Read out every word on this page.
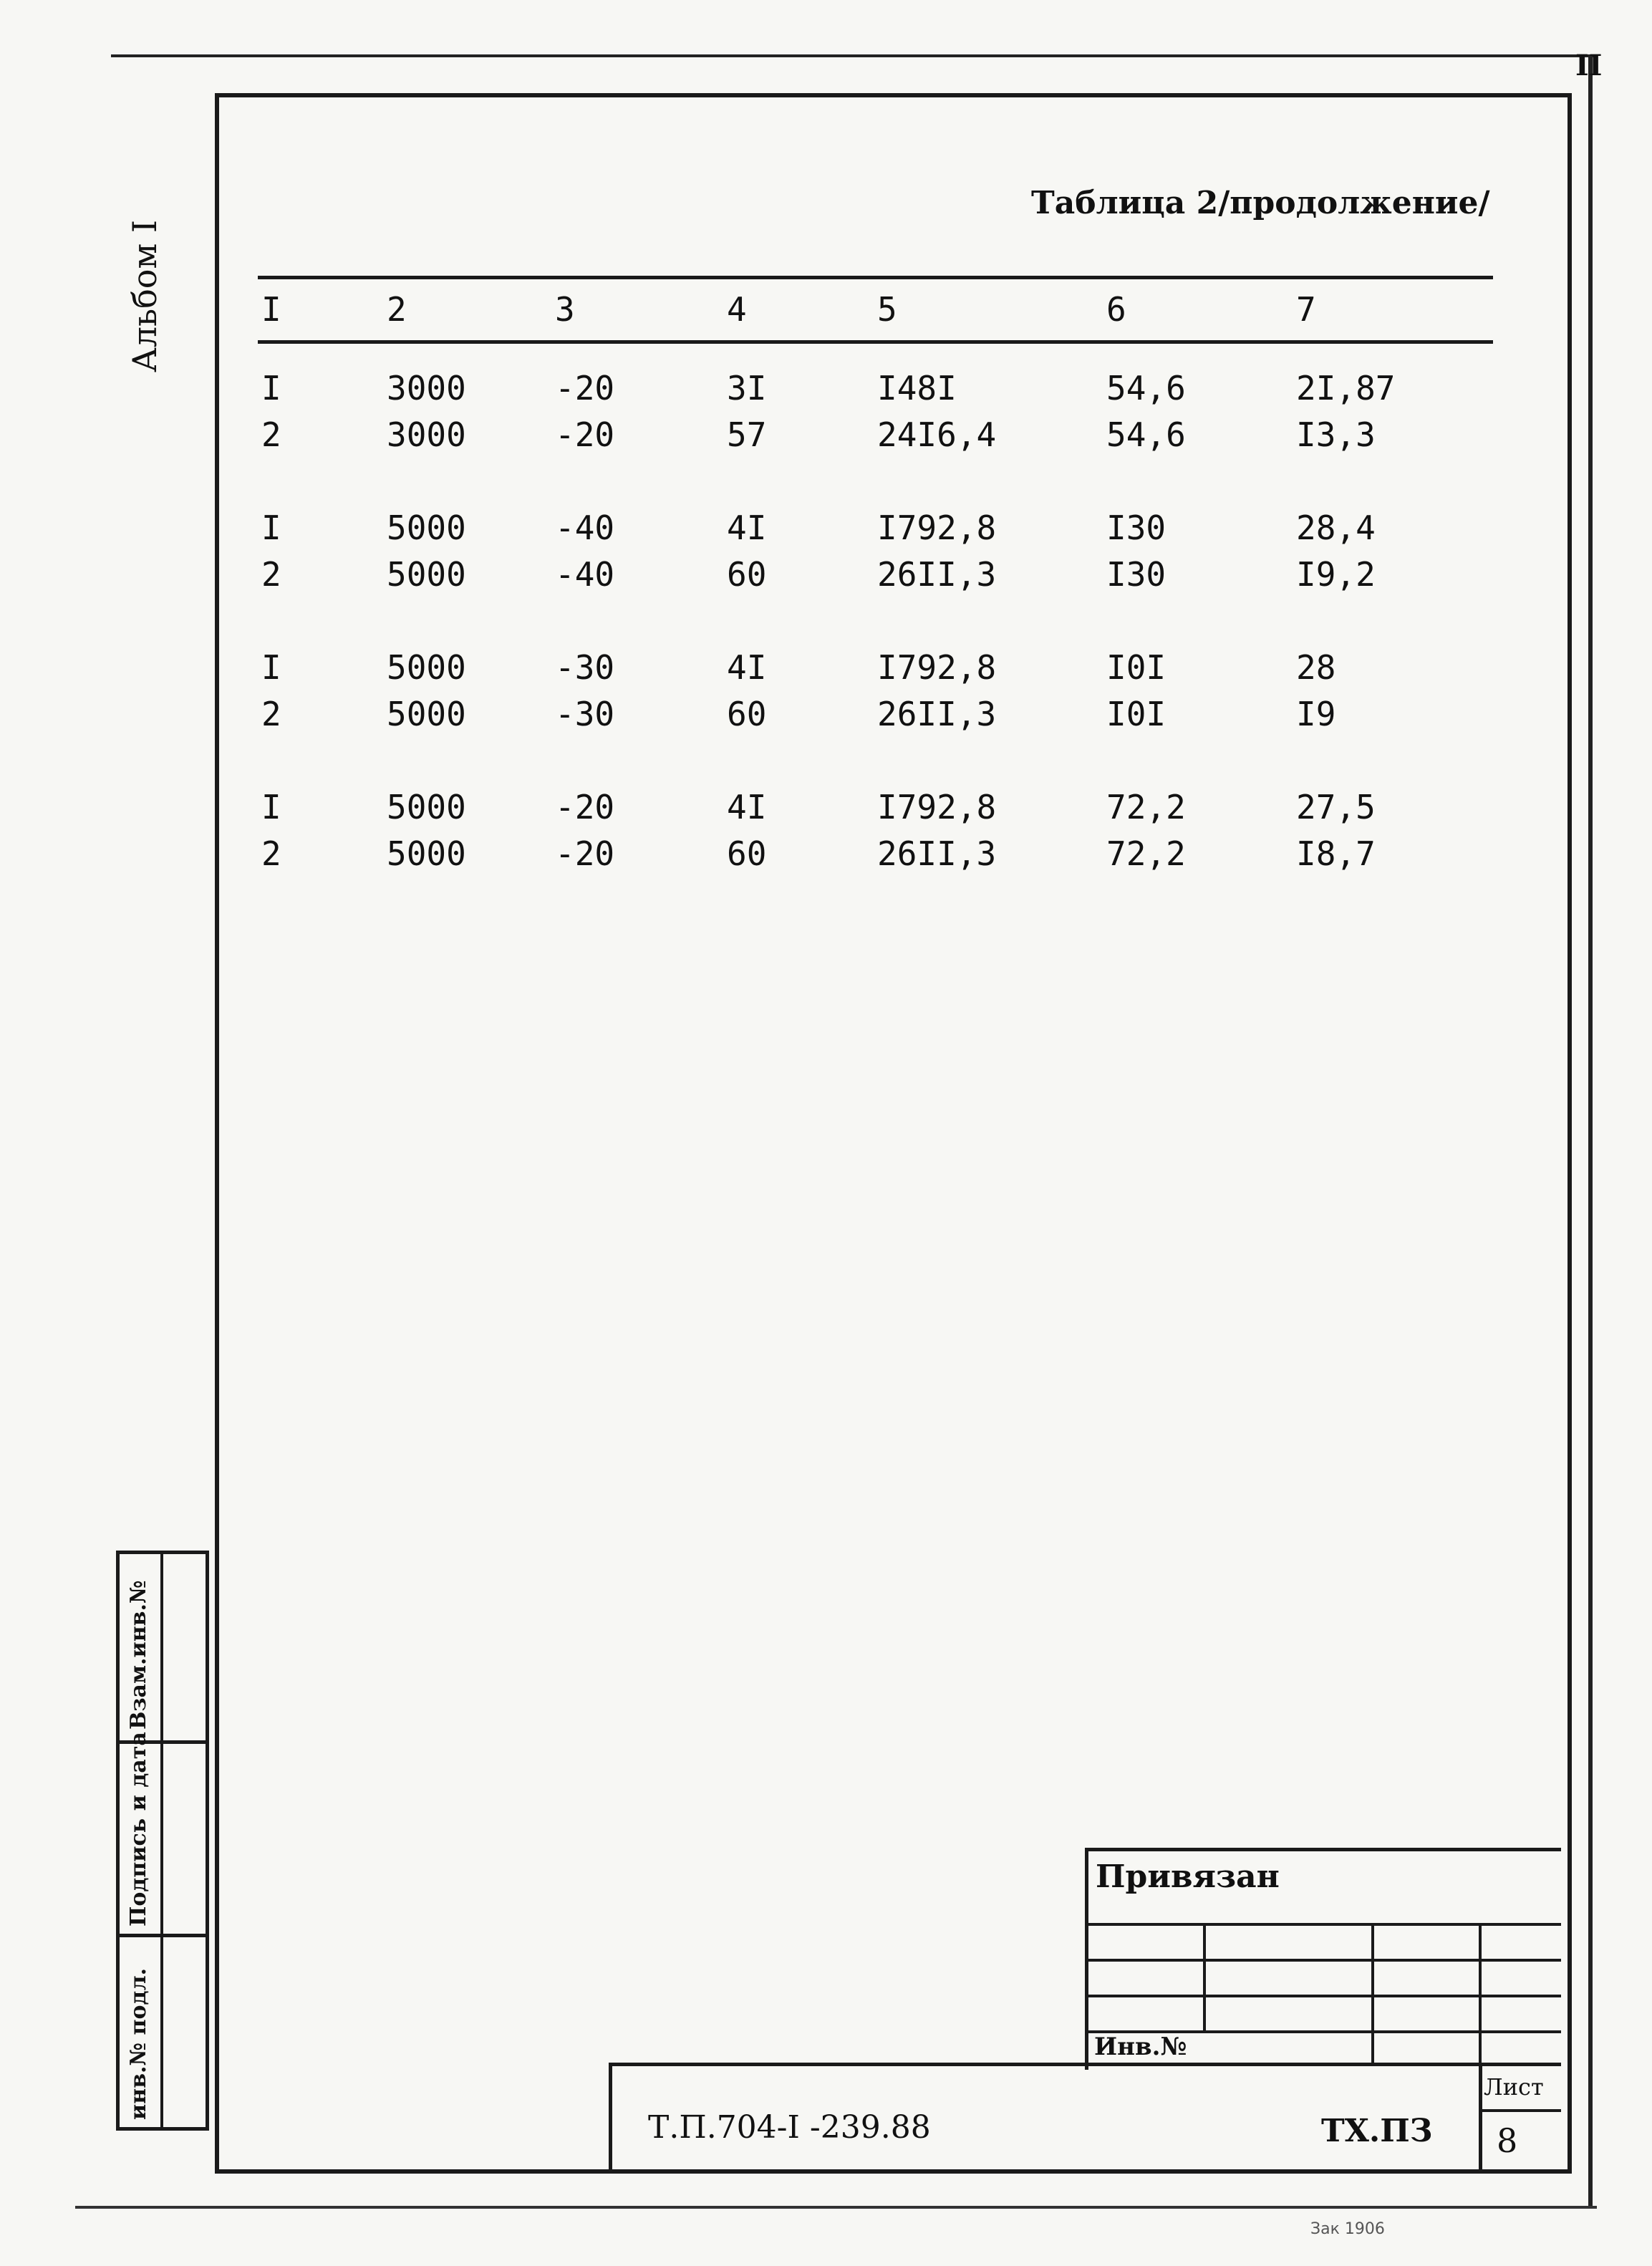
II
Альбом I
Таблица 2/продолжение/
I	2	3	4	5	6	7
I	3000	-20	3I	I48I	54,6	2I,87
2	3000	-20	57	24I6,4	54,6	I3,3
I	5000	-40	4I	I792,8	I30	28,4
2	5000	-40	60	26II,3	I30	I9,2
I	5000	-30	4I	I792,8	I0I	28
2	5000	-30	60	26II,3	I0I	I9
I	5000	-20	4I	I792,8	72,2	27,5
2	5000	-20	60	26II,3	72,2	I8,7
Взам.инв.№
Подпись и дата
инв.№ подл.
Привязан
Инв.№
Т.П.704-I -239.88	ТХ.ПЗ
Лист
8
Зак 1906
